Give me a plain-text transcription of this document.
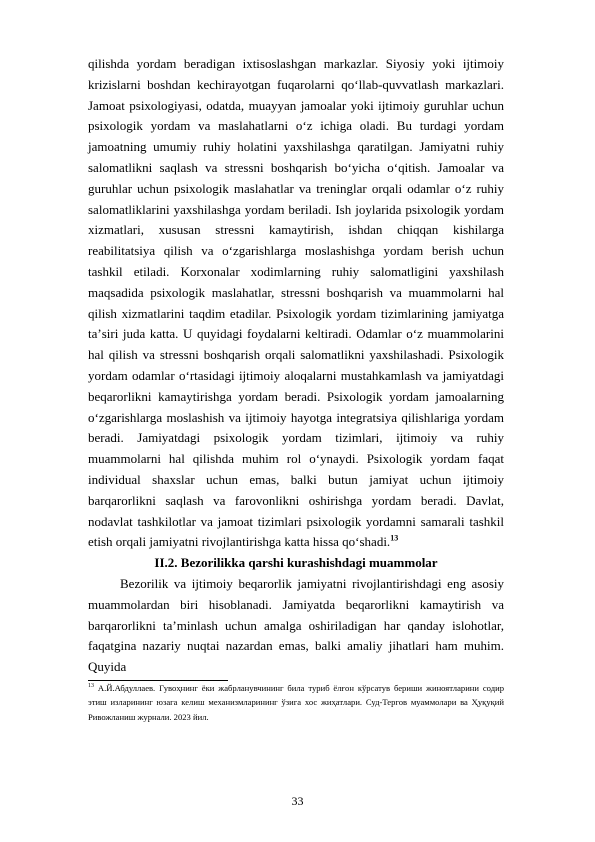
qilishda yordam beradigan ixtisoslashgan markazlar. Siyosiy yoki ijtimoiy krizislarni boshdan kechirayotgan fuqarolarni qoʻllab-quvvatlash markazlari. Jamoat psixologiyasi, odatda, muayyan jamoalar yoki ijtimoiy guruhlar uchun psixologik yordam va maslahatlarni oʻz ichiga oladi. Bu turdagi yordam jamoatning umumiy ruhiy holatini yaxshilashga qaratilgan. Jamiyatni ruhiy salomatlikni saqlash va stressni boshqarish boʻyicha oʻqitish. Jamoalar va guruhlar uchun psixologik maslahatlar va treninglar orqali odamlar oʻz ruhiy salomatliklarini yaxshilashga yordam beriladi. Ish joylarida psixologik yordam xizmatlari, xususan stressni kamaytirish, ishdan chiqqan kishilarga reabilitatsiya qilish va oʻzgarishlarga moslashishga yordam berish uchun tashkil etiladi. Korxonalar xodimlarning ruhiy salomatligini yaxshilash maqsadida psixologik maslahatlar, stressni boshqarish va muammolarni hal qilish xizmatlarini taqdim etadilar. Psixologik yordam tizimlarining jamiyatga taʼsiri juda katta. U quyidagi foydalarni keltiradi. Odamlar oʻz muammolarini hal qilish va stressni boshqarish orqali salomatlikni yaxshilashadi. Psixologik yordam odamlar oʻrtasidagi ijtimoiy aloqalarni mustahkamlash va jamiyatdagi beqarorlikni kamaytirishga yordam beradi. Psixologik yordam jamoalarning oʻzgarishlarga moslashish va ijtimoiy hayotga integratsiya qilishlariga yordam beradi. Jamiyatdagi psixologik yordam tizimlari, ijtimoiy va ruhiy muammolarni hal qilishda muhim rol oʻynaydi. Psixologik yordam faqat individual shaxslar uchun emas, balki butun jamiyat uchun ijtimoiy barqarorlikni saqlash va farovonlikni oshirishga yordam beradi. Davlat, nodavlat tashkilotlar va jamoat tizimlari psixologik yordamni samarali tashkil etish orqali jamiyatni rivojlantirishga katta hissa qoʻshadi.$^{13}$

II.2. Bezorilikka qarshi kurashishdagi muammolar

Bezorilik va ijtimoiy beqarorlik jamiyatni rivojlantirishdagi eng asosiy muammolardan biri hisoblanadi. Jamiyatda beqarorlikni kamaytirish va barqarorlikni taʼminlash uchun amalga oshiriladigan har qanday islohotlar, faqatgina nazariy nuqtai nazardan emas, balki amaliy jihatlari ham muhim. Quyida

$^{13}$ А.Й.Абдуллаев. Гувоҳнинг ёки жабрланувчининг била туриб ёлғон кўрсатув бериши жиноятларини содир этиш изларининг юзага келиш механизмларининг ўзига хос жиҳатлари. Суд-Тергов муаммолари ва Ҳуқуқий Ривожланиш журнали. 2023 йил.

33
